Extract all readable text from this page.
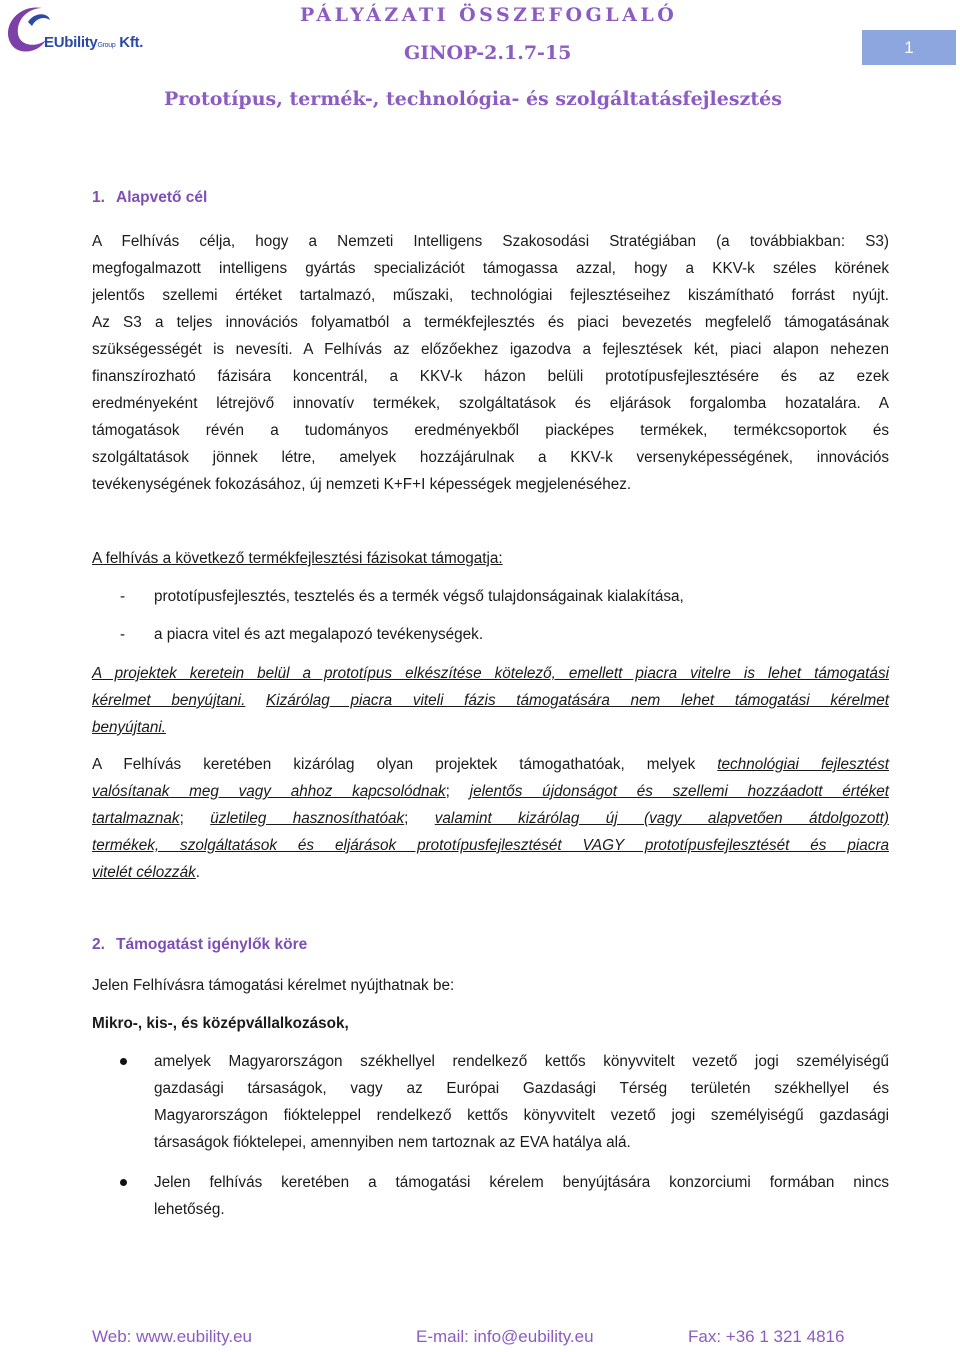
EUbilityGroup Kft.
PÁLYÁZATI ÖSSZEFOGLALÓ
GINOP-2.1.7-15	1
Prototípus, termék-, technológia- és szolgáltatásfejlesztés
1. Alapvető cél
A Felhívás célja, hogy a Nemzeti Intelligens Szakosodási Stratégiában (a továbbiakban: S3)
megfogalmazott intelligens gyártás specializációt támogassa azzal, hogy a KKV-k széles körének
jelentős szellemi értéket tartalmazó, műszaki, technológiai fejlesztéseihez kiszámítható forrást nyújt.
Az S3 a teljes innovációs folyamatból a termékfejlesztés és piaci bevezetés megfelelő támogatásának
szükségességét is nevesíti. A Felhívás az előzőekhez igazodva a fejlesztések két, piaci alapon nehezen
finanszírozható fázisára koncentrál, a KKV-k házon belüli prototípusfejlesztésére és az ezek
eredményeként létrejövő innovatív termékek, szolgáltatások és eljárások forgalomba hozatalára. A
támogatások révén a tudományos eredményekből piacképes termékek, termékcsoportok és
szolgáltatások jönnek létre, amelyek hozzájárulnak a KKV-k versenyképességének, innovációs
tevékenységének fokozásához, új nemzeti K+F+I képességek megjelenéséhez.
A felhívás a következő termékfejlesztési fázisokat támogatja:
- prototípusfejlesztés, tesztelés és a termék végső tulajdonságainak kialakítása,
- a piacra vitel és azt megalapozó tevékenységek.
A projektek keretein belül a prototípus elkészítése kötelező, emellett piacra vitelre is lehet támogatási
kérelmet benyújtani. Kizárólag piacra viteli fázis támogatására nem lehet támogatási kérelmet
benyújtani.
A Felhívás keretében kizárólag olyan projektek támogathatóak, melyek technológiai fejlesztést
valósítanak meg vagy ahhoz kapcsolódnak; jelentős újdonságot és szellemi hozzáadott értéket
tartalmaznak; üzletileg hasznosíthatóak; valamint kizárólag új (vagy alapvetően átdolgozott)
termékek, szolgáltatások és eljárások prototípusfejlesztését VAGY prototípusfejlesztését és piacra
vitelét célozzák.
2. Támogatást igénylők köre
Jelen Felhívásra támogatási kérelmet nyújthatnak be:
Mikro-, kis-, és középvállalkozások,
amelyek Magyarországon székhellyel rendelkező kettős könyvvitelt vezető jogi személyiségű
gazdasági társaságok, vagy az Európai Gazdasági Térség területén székhellyel és
Magyarországon fiókteleppel rendelkező kettős könyvvitelt vezető jogi személyiségű gazdasági
társaságok fióktelepei, amennyiben nem tartoznak az EVA hatálya alá.
Jelen felhívás keretében a támogatási kérelem benyújtására konzorciumi formában nincs
lehetőség.
Web: www.eubility.eu	E-mail: info@eubility.eu	Fax: +36 1 321 4816
